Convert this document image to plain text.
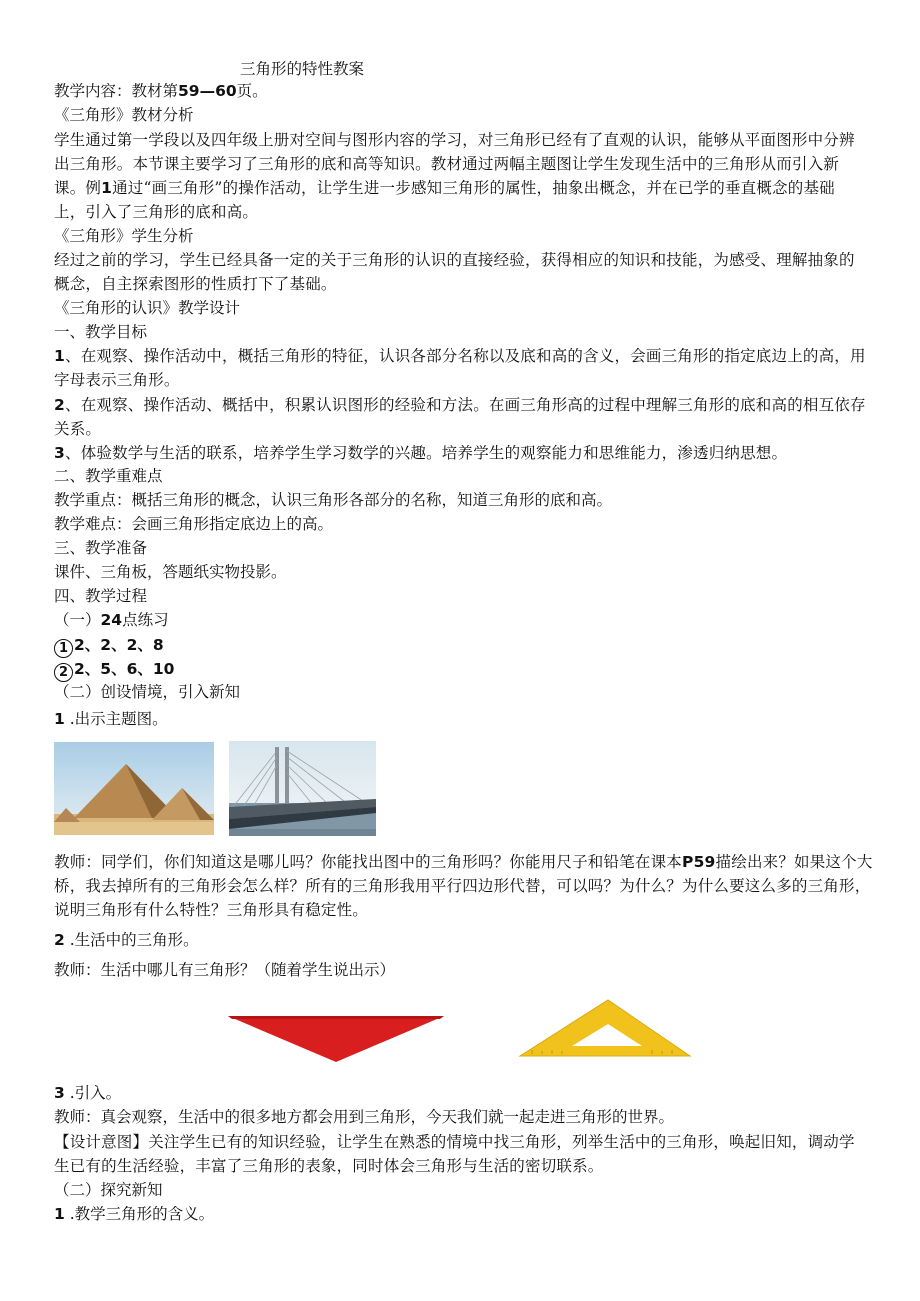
三角形的特性教案
教学内容：教材第59—60页。
《三角形》教材分析
学生通过第一学段以及四年级上册对空间与图形内容的学习，对三角形已经有了直观的认识，能够从平面图形中分辨出三角形。本节课主要学习了三角形的底和高等知识。教材通过两幅主题图让学生发现生活中的三角形从而引入新课。例1通过“画三角形”的操作活动，让学生进一步感知三角形的属性，抽象出概念，并在已学的垂直概念的基础上，引入了三角形的底和高。
《三角形》学生分析
经过之前的学习，学生已经具备一定的关于三角形的认识的直接经验，获得相应的知识和技能，为感受、理解抽象的概念，自主探索图形的性质打下了基础。
《三角形的认识》教学设计
一、教学目标
1、在观察、操作活动中，概括三角形的特征，认识各部分名称以及底和高的含义，会画三角形的指定底边上的高，用字母表示三角形。
2、在观察、操作活动、概括中，积累认识图形的经验和方法。在画三角形高的过程中理解三角形的底和高的相互依存关系。
3、体验数学与生活的联系，培养学生学习数学的兴趣。培养学生的观察能力和思维能力，渗透归纳思想。
二、教学重难点
教学重点：概括三角形的概念，认识三角形各部分的名称，知道三角形的底和高。
教学难点：会画三角形指定底边上的高。
三、教学准备
课件、三角板，答题纸实物投影。
四、教学过程
（一）24点练习
1 2、2、2、8
2 2、5、6、10
（二）创设情境，引入新知
1 .出示主题图。
教师：同学们，你们知道这是哪儿吗？你能找出图中的三角形吗？你能用尺子和铅笔在课本P59描绘出来？如果这个大桥，我去掉所有的三角形会怎么样？所有的三角形我用平行四边形代替，可以吗？为什么？为什么要这么多的三角形，说明三角形有什么特性？三角形具有稳定性。
2 .生活中的三角形。
教师：生活中哪儿有三角形？（随着学生说出示）
3 .引入。
教师：真会观察，生活中的很多地方都会用到三角形，今天我们就一起走进三角形的世界。
【设计意图】关注学生已有的知识经验，让学生在熟悉的情境中找三角形，列举生活中的三角形，唤起旧知，调动学生已有的生活经验，丰富了三角形的表象，同时体会三角形与生活的密切联系。
（二）探究新知
1 .教学三角形的含义。
